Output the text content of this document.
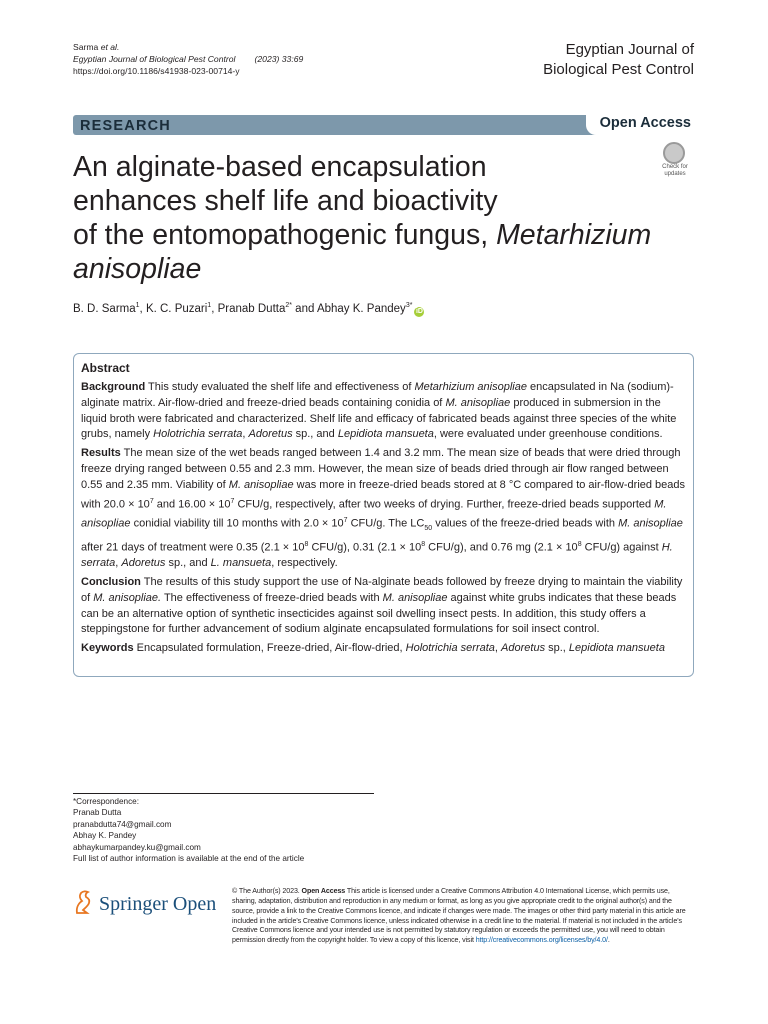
Sarma et al.
Egyptian Journal of Biological Pest Control (2023) 33:69
https://doi.org/10.1186/s41938-023-00714-y
Egyptian Journal of
Biological Pest Control
RESEARCH	Open Access
An alginate-based encapsulation
enhances shelf life and bioactivity
of the entomopathogenic fungus, Metarhizium
anisopliae
Check for
updates
B. D. Sarma$^1$, K. C. Puzari$^1$, Pranab Dutta$^{2*}$ and Abhay K. Pandey$^{3*}$iD
Abstract

Background This study evaluated the shelf life and effectiveness of Metarhizium anisopliae encapsulated in Na (sodium)-alginate matrix. Air-flow-dried and freeze-dried beads containing conidia of M. anisopliae produced in submersion in the liquid broth were fabricated and characterized. Shelf life and efficacy of fabricated beads against three species of the white grubs, namely Holotrichia serrata, Adoretus sp., and Lepidiota mansueta, were evaluated under greenhouse conditions.

Results The mean size of the wet beads ranged between 1.4 and 3.2 mm. The mean size of beads that were dried through freeze drying ranged between 0.55 and 2.3 mm. However, the mean size of beads dried through air flow ranged between 0.55 and 2.35 mm. Viability of M. anisopliae was more in freeze-dried beads stored at 8 °C compared to air-flow-dried beads with $20.0 \times 10^7$ and $16.00 \times 10^7$ CFU/g, respectively, after two weeks of drying. Further, freeze-dried beads supported M. anisopliae conidial viability till 10 months with $2.0 \times 10^7$ CFU/g. The $LC_{50}$ values of the freeze-dried beads with M. anisopliae after 21 days of treatment were 0.35 ($2.1 \times 10^8$ CFU/g), 0.31 ($2.1 \times 10^8$ CFU/g), and 0.76 mg ($2.1 \times 10^8$ CFU/g) against H. serrata, Adoretus sp., and L. mansueta, respectively.

Conclusion The results of this study support the use of Na-alginate beads followed by freeze drying to maintain the viability of M. anisopliae. The effectiveness of freeze-dried beads with M. anisopliae against white grubs indicates that these beads can be an alternative option of synthetic insecticides against soil dwelling insect pests. In addition, this study offers a steppingstone for further advancement of sodium alginate encapsulated formulations for soil insect control.

Keywords Encapsulated formulation, Freeze-dried, Air-flow-dried, Holotrichia serrata, Adoretus sp., Lepidiota mansueta

*Correspondence:
Pranab Dutta
pranabdutta74@gmail.com
Abhay K. Pandey
abhaykumarpandey.ku@gmail.com
Full list of author information is available at the end of the article
Springer Open
© The Author(s) 2023. Open Access This article is licensed under a Creative Commons Attribution 4.0 International License, which permits use, sharing, adaptation, distribution and reproduction in any medium or format, as long as you give appropriate credit to the original author(s) and the source, provide a link to the Creative Commons licence, and indicate if changes were made. The images or other third party material in this article are included in the article's Creative Commons licence, unless indicated otherwise in a credit line to the material. If material is not included in the article's Creative Commons licence and your intended use is not permitted by statutory regulation or exceeds the permitted use, you will need to obtain permission directly from the copyright holder. To view a copy of this licence, visit http://creativecommons.org/licenses/by/4.0/.
